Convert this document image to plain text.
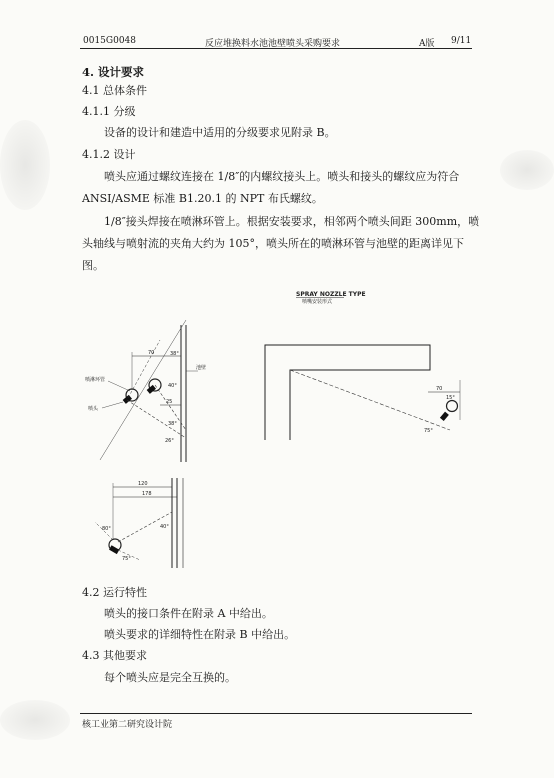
0015G0048	反应堆换料水池池壁喷头采购要求	A版 9/11
4. 设计要求
4.1 总体条件
4.1.1 分级
设备的设计和建造中适用的分级要求见附录 B。
4.1.2 设计
喷头应通过螺纹连接在 1/8″的内螺纹接头上。喷头和接头的螺纹应为符合
ANSI/ASME 标准 B1.20.1 的 NPT 布氏螺纹。
1/8″接头焊接在喷淋环管上。根据安装要求，相邻两个喷头间距 300mm，喷
头轴线与喷射流的夹角大约为 105°，喷头所在的喷淋环管与池壁的距离详见下
图。
SPRAY NOZZLE TYPE
喷嘴安装形式
70
25
38°
40°
38°
26°
喷淋环管
喷头
池壁
70
15°
75°
120
178
80°	40°
75°
4.2 运行特性
喷头的接口条件在附录 A 中给出。
喷头要求的详细特性在附录 B 中给出。
4.3 其他要求
每个喷头应是完全互换的。
核工业第二研究设计院
